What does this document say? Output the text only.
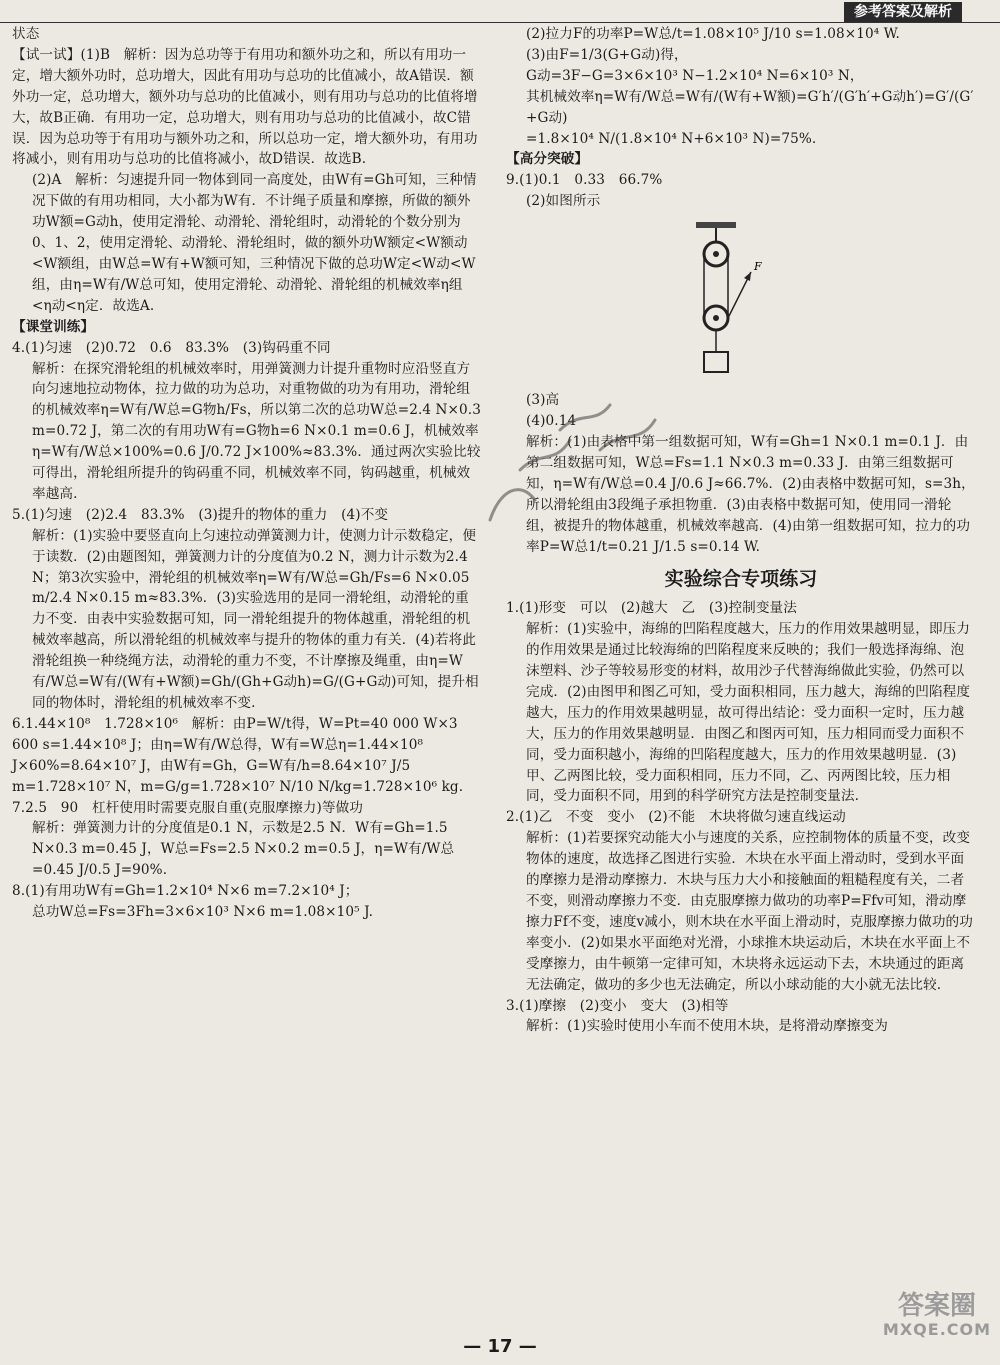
参考答案及解析

状态

【试一试】(1)B　解析：因为总功等于有用功和额外功之和，所以有用功一定，增大额外功时，总功增大，因此有用功与总功的比值减小，故A错误．额外功一定，总功增大，额外功与总功的比值减小，则有用功与总功的比值将增大，故B正确．有用功一定，总功增大，则有用功与总功的比值减小，故C错误．因为总功等于有用功与额外功之和，所以总功一定，增大额外功，有用功将减小，则有用功与总功的比值将减小，故D错误．故选B.

(2)A　解析：匀速提升同一物体到同一高度处，由W有=Gh可知，三种情况下做的有用功相同，大小都为W有．不计绳子质量和摩擦，所做的额外功W额=G动h，使用定滑轮、动滑轮、滑轮组时，动滑轮的个数分别为0、1、2，使用定滑轮、动滑轮、滑轮组时，做的额外功W额定<W额动<W额组，由W总=W有+W额可知，三种情况下做的总功W定<W动<W组，由η=W有/W总可知，使用定滑轮、动滑轮、滑轮组的机械效率η组<η动<η定．故选A.

【课堂训练】

4.(1)匀速　(2)0.72　0.6　83.3%　(3)钩码重不同

解析：在探究滑轮组的机械效率时，用弹簧测力计提升重物时应沿竖直方向匀速地拉动物体，拉力做的功为总功，对重物做的功为有用功，滑轮组的机械效率η=W有/W总=G物h/Fs，所以第二次的总功W总=2.4 N×0.3 m=0.72 J，第二次的有用功W有=G物h=6 N×0.1 m=0.6 J，机械效率η=W有/W总×100%=0.6 J/0.72 J×100%≈83.3%．通过两次实验比较可得出，滑轮组所提升的钩码重不同，机械效率不同，钩码越重，机械效率越高.

5.(1)匀速　(2)2.4　83.3%　(3)提升的物体的重力　(4)不变

解析：(1)实验中要竖直向上匀速拉动弹簧测力计，使测力计示数稳定，便于读数．(2)由题图知，弹簧测力计的分度值为0.2 N，测力计示数为2.4 N；第3次实验中，滑轮组的机械效率η=W有/W总=Gh/Fs=6 N×0.05 m/2.4 N×0.15 m≈83.3%．(3)实验选用的是同一滑轮组，动滑轮的重力不变．由表中实验数据可知，同一滑轮组提升的物体越重，滑轮组的机械效率越高，所以滑轮组的机械效率与提升的物体的重力有关．(4)若将此滑轮组换一种绕绳方法，动滑轮的重力不变，不计摩擦及绳重，由η=W有/W总=W有/(W有+W额)=Gh/(Gh+G动h)=G/(G+G动)可知，提升相同的物体时，滑轮组的机械效率不变.

6.1.44×10⁸　1.728×10⁶　解析：由P=W/t得，W=Pt=40 000 W×3 600 s=1.44×10⁸ J；由η=W有/W总得，W有=W总η=1.44×10⁸ J×60%=8.64×10⁷ J，由W有=Gh，G=W有/h=8.64×10⁷ J/5 m=1.728×10⁷ N，m=G/g=1.728×10⁷ N/10 N/kg=1.728×10⁶ kg.

7.2.5　90　杠杆使用时需要克服自重(克服摩擦力)等做功

解析：弹簧测力计的分度值是0.1 N，示数是2.5 N．W有=Gh=1.5 N×0.3 m=0.45 J，W总=Fs=2.5 N×0.2 m=0.5 J，η=W有/W总=0.45 J/0.5 J=90%.

8.(1)有用功W有=Gh=1.2×10⁴ N×6 m=7.2×10⁴ J；

总功W总=Fs=3Fh=3×6×10³ N×6 m=1.08×10⁵ J.

(2)拉力F的功率P=W总/t=1.08×10⁵ J/10 s=1.08×10⁴ W.

(3)由F=1/3(G+G动)得，

G动=3F−G=3×6×10³ N−1.2×10⁴ N=6×10³ N，

其机械效率η=W有/W总=W有/(W有+W额)=G′h′/(G′h′+G动h′)=G′/(G′+G动)

=1.8×10⁴ N/(1.8×10⁴ N+6×10³ N)=75%.

【高分突破】

9.(1)0.1　0.33　66.7%

(2)如图所示

F

(3)高

(4)0.14

解析：(1)由表格中第一组数据可知，W有=Gh=1 N×0.1 m=0.1 J．由第二组数据可知，W总=Fs=1.1 N×0.3 m=0.33 J．由第三组数据可知，η=W有/W总=0.4 J/0.6 J≈66.7%．(2)由表格中数据可知，s=3h，所以滑轮组由3段绳子承担物重．(3)由表格中数据可知，使用同一滑轮组，被提升的物体越重，机械效率越高．(4)由第一组数据可知，拉力的功率P=W总1/t=0.21 J/1.5 s=0.14 W.

实验综合专项练习

1.(1)形变　可以　(2)越大　乙　(3)控制变量法

解析：(1)实验中，海绵的凹陷程度越大，压力的作用效果越明显，即压力的作用效果是通过比较海绵的凹陷程度来反映的；我们一般选择海绵、泡沫塑料、沙子等较易形变的材料，故用沙子代替海绵做此实验，仍然可以完成．(2)由图甲和图乙可知，受力面积相同，压力越大，海绵的凹陷程度越大，压力的作用效果越明显，故可得出结论：受力面积一定时，压力越大，压力的作用效果越明显．由图乙和图丙可知，压力相同而受力面积不同，受力面积越小，海绵的凹陷程度越大，压力的作用效果越明显．(3)甲、乙两图比较，受力面积相同，压力不同，乙、丙两图比较，压力相同，受力面积不同，用到的科学研究方法是控制变量法.

2.(1)乙　不变　变小　(2)不能　木块将做匀速直线运动

解析：(1)若要探究动能大小与速度的关系，应控制物体的质量不变，改变物体的速度，故选择乙图进行实验．木块在水平面上滑动时，受到水平面的摩擦力是滑动摩擦力．木块与压力大小和接触面的粗糙程度有关，二者不变，则滑动摩擦力不变．由克服摩擦力做功的功率P=Ffv可知，滑动摩擦力Ff不变，速度v减小，则木块在水平面上滑动时，克服摩擦力做功的功率变小．(2)如果水平面绝对光滑，小球推木块运动后，木块在水平面上不受摩擦力，由牛顿第一定律可知，木块将永远运动下去，木块通过的距离无法确定，做功的多少也无法确定，所以小球动能的大小就无法比较.

3.(1)摩擦　(2)变小　变大　(3)相等

解析：(1)实验时使用小车而不使用木块，是将滑动摩擦变为

— 17 —
答案圈
MXQE.COM
